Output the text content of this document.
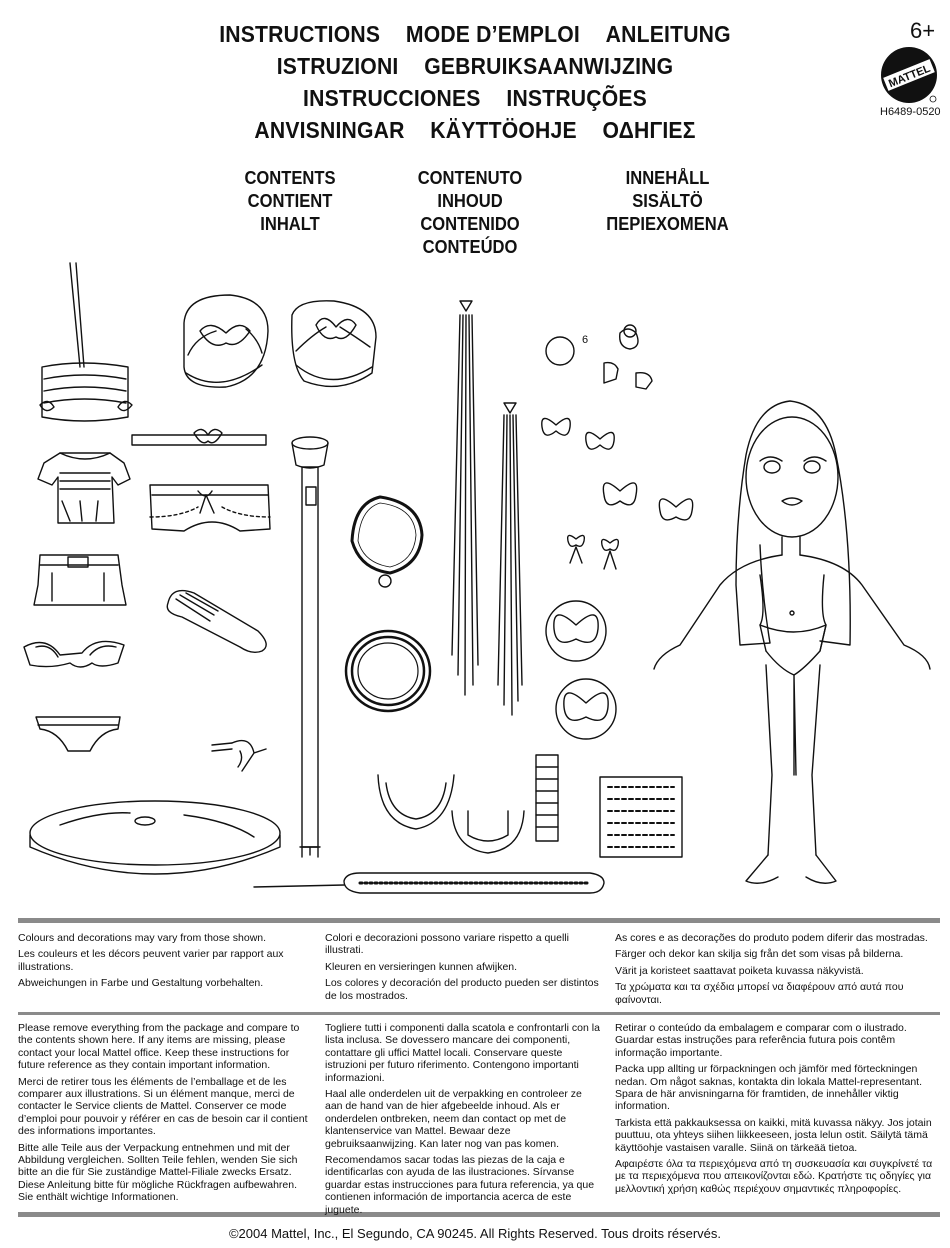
INSTRUCTIONS MODE D’EMPLOI ANLEITUNG
ISTRUZIONI GEBRUIKSAANWIJZING
INSTRUCCIONES INSTRUÇÕES
ANVISNINGAR KÄYTTÖOHJE ΟΔΗΓΙΕΣ
6+
MATTEL
H6489-0520
CONTENTS
CONTIENT
INHALT
CONTENUTO
INHOUD
CONTENIDO
CONTEÚDO
INNEHÅLL
SISÄLTÖ
ΠΕΡΙΕΧΟΜΕΝΑ
6

Colours and decorations may vary from those shown.

Les couleurs et les décors peuvent varier par rapport aux illustrations.

Abweichungen in Farbe und Gestaltung vorbehalten.

Colori e decorazioni possono variare rispetto a quelli illustrati.

Kleuren en versieringen kunnen afwijken.

Los colores y decoración del producto pueden ser distintos de los mostrados.

As cores e as decorações do produto podem diferir das mostradas.

Färger och dekor kan skilja sig från det som visas på bilderna.

Värit ja koristeet saattavat poiketa kuvassa näkyvistä.

Τα χρώματα και τα σχέδια μπορεί να διαφέρουν από αυτά που φαίνονται.

Please remove everything from the package and compare to the contents shown here. If any items are missing, please contact your local Mattel office. Keep these instructions for future reference as they contain important information.

Merci de retirer tous les éléments de l’emballage et de les comparer aux illustrations. Si un élément manque, merci de contacter le Service clients de Mattel. Conserver ce mode d’emploi pour pouvoir y référer en cas de besoin car il contient des informations importantes.

Bitte alle Teile aus der Verpackung entnehmen und mit der Abbildung vergleichen. Sollten Teile fehlen, wenden Sie sich bitte an die für Sie zuständige Mattel-Filiale zwecks Ersatz. Diese Anleitung bitte für mögliche Rückfragen aufbewahren. Sie enthält wichtige Informationen.

Togliere tutti i componenti dalla scatola e confrontarli con la lista inclusa. Se dovessero mancare dei componenti, contattare gli uffici Mattel locali. Conservare queste istruzioni per futuro riferimento. Contengono importanti informazioni.

Haal alle onderdelen uit de verpakking en controleer ze aan de hand van de hier afgebeelde inhoud. Als er onderdelen ontbreken, neem dan contact op met de klantenservice van Mattel. Bewaar deze gebruiksaanwijzing. Kan later nog van pas komen.

Recomendamos sacar todas las piezas de la caja e identificarlas con ayuda de las ilustraciones. Sírvanse guardar estas instrucciones para futura referencia, ya que contienen información de importancia acerca de este juguete.

Retirar o conteúdo da embalagem e comparar com o ilustrado. Guardar estas instruções para referência futura pois contêm informação importante.

Packa upp allting ur förpackningen och jämför med förteckningen nedan. Om något saknas, kontakta din lokala Mattel-representant. Spara de här anvisningarna för framtiden, de innehåller viktig information.

Tarkista että pakkauksessa on kaikki, mitä kuvassa näkyy. Jos jotain puuttuu, ota yhteys siihen liikkeeseen, josta lelun ostit. Säilytä tämä käyttöohje vastaisen varalle. Siinä on tärkeää tietoa.

Αφαιρέστε όλα τα περιεχόμενα από τη συσκευασία και συγκρίνετέ τα με τα περιεχόμενα που απεικονίζονται εδώ. Κρατήστε τις οδηγίες για μελλοντική χρήση καθώς περιέχουν σημαντικές πληροφορίες.

©2004 Mattel, Inc., El Segundo, CA 90245. All Rights Reserved. Tous droits réservés.
